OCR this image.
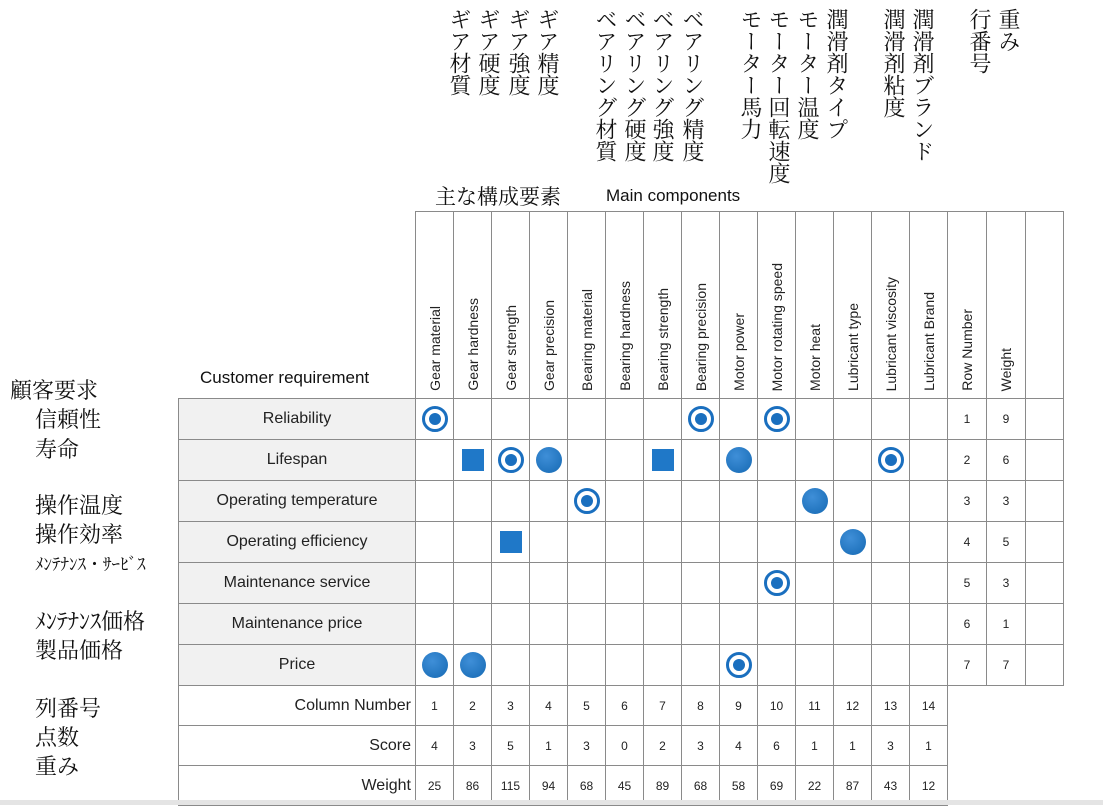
ギア材質 ギア硬度 ギア強度 ギア精度 ベアリング材質 ベアリング硬度 ベアリング強度 ベアリング精度 モーター馬力 モーター回転速度 モーター温度 潤滑剤タイプ 潤滑剤粘度 潤滑剤ブランド 行番号 重み
主な構成要素	Main components
Customer requirement
顧客要求
信頼性
寿命
操作温度
操作効率
ﾒﾝﾃﾅﾝｽ・ｻｰﾋﾞｽ
ﾒﾝﾃﾅﾝｽ価格
製品価格
列番号
点数
重み
	Gear material	Gear hardness	Gear strength	Gear precision	Bearing material	Bearing hardness	Bearing strength	Bearing precision	Motor power	Motor rotating speed	Motor heat	Lubricant type	Lubricant viscosity	Lubricant Brand	Row Number	Weight	
Reliability															1	9	
Lifespan															2	6	
Operating temperature															3	3	
Operating efficiency															4	5	
Maintenance service															5	3	
Maintenance price															6	1	
Price															7	7	
Column Number	1	2	3	4	5	6	7	8	9	10	11	12	13	14			
Score	4	3	5	1	3	0	2	3	4	6	1	1	3	1			
Weight	25	86	115	94	68	45	89	68	58	69	22	87	43	12			
